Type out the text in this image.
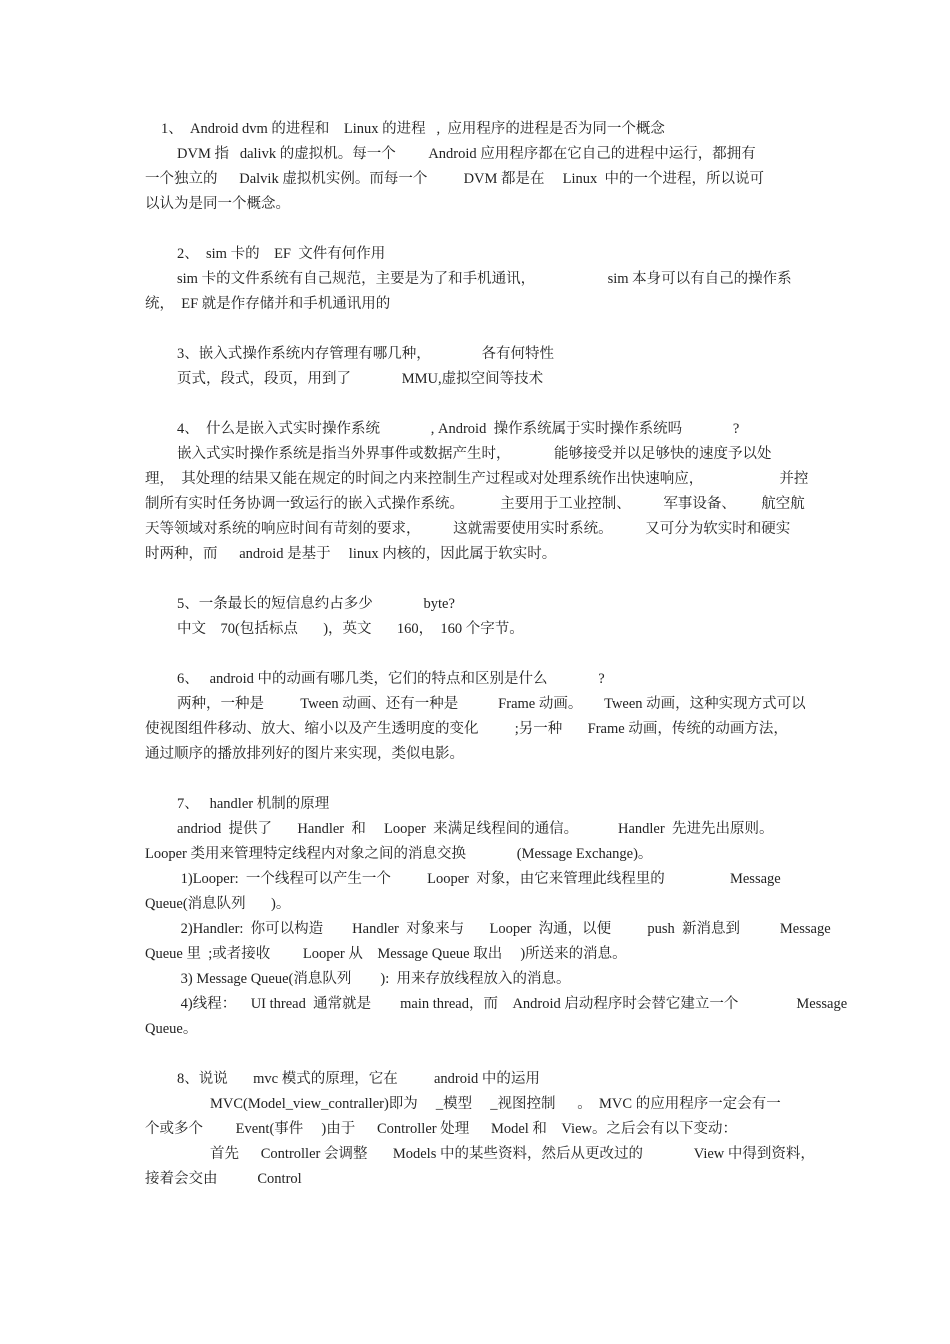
1、  Android dvm 的进程和    Linux 的进程   ,  应用程序的进程是否为同一个概念
DVM 指   dalivk 的虚拟机。每一个         Android 应用程序都在它自己的进程中运行，都拥有
一个独立的      Dalvik 虚拟机实例。而每一个          DVM 都是在     Linux  中的一个进程，所以说可
以认为是同一个概念。
2、  sim 卡的    EF  文件有何作用
sim 卡的文件系统有自己规范，主要是为了和手机通讯，                    sim 本身可以有自己的操作系
统，  EF 就是作存储并和手机通讯用的
3、嵌入式操作系统内存管理有哪几种，              各有何特性
页式，段式，段页，用到了              MMU,虚拟空间等技术
4、  什么是嵌入式实时操作系统              , Android  操作系统属于实时操作系统吗              ?
嵌入式实时操作系统是指当外界事件或数据产生时，            能够接受并以足够快的速度予以处
理，  其处理的结果又能在规定的时间之内来控制生产过程或对处理系统作出快速响应，                     并控
制所有实时任务协调一致运行的嵌入式操作系统。          主要用于工业控制、         军事设备、       航空航
天等领域对系统的响应时间有苛刻的要求，         这就需要使用实时系统。         又可分为软实时和硬实
时两种，而      android 是基于     linux 内核的，因此属于软实时。
5、一条最长的短信息约占多少              byte?
中文    70(包括标点       )，英文       160，  160 个字节。
6、   android 中的动画有哪几类，它们的特点和区别是什么              ?
两种，一种是          Tween 动画、还有一种是           Frame 动画。      Tween 动画，这种实现方式可以
使视图组件移动、放大、缩小以及产生透明度的变化          ;另一种       Frame 动画，传统的动画方法，
通过顺序的播放排列好的图片来实现，类似电影。
7、   handler 机制的原理
andriod  提供了       Handler  和     Looper  来满足线程间的通信。           Handler  先进先出原则。
Looper 类用来管理特定线程内对象之间的消息交换              (Message Exchange)。
1)Looper:  一个线程可以产生一个          Looper  对象，由它来管理此线程里的                  Message
Queue(消息队列       )。
2)Handler:  你可以构造        Handler  对象来与       Looper  沟通，以便          push  新消息到           Message
Queue 里  ;或者接收         Looper 从    Message Queue 取出     )所送来的消息。
3) Message Queue(消息队列        ):  用来存放线程放入的消息。
4)线程：    UI thread  通常就是        main thread，而    Android 启动程序时会替它建立一个                Message
Queue。
8、说说       mvc 模式的原理，它在          android 中的运用
MVC(Model_view_contraller)即为     _模型     _视图控制      。  MVC 的应用程序一定会有一
个或多个         Event(事件     )由于      Controller 处理      Model 和    View。之后会有以下变动：
首先      Controller 会调整       Models 中的某些资料，然后从更改过的              View 中得到资料，
接着会交由           Control
